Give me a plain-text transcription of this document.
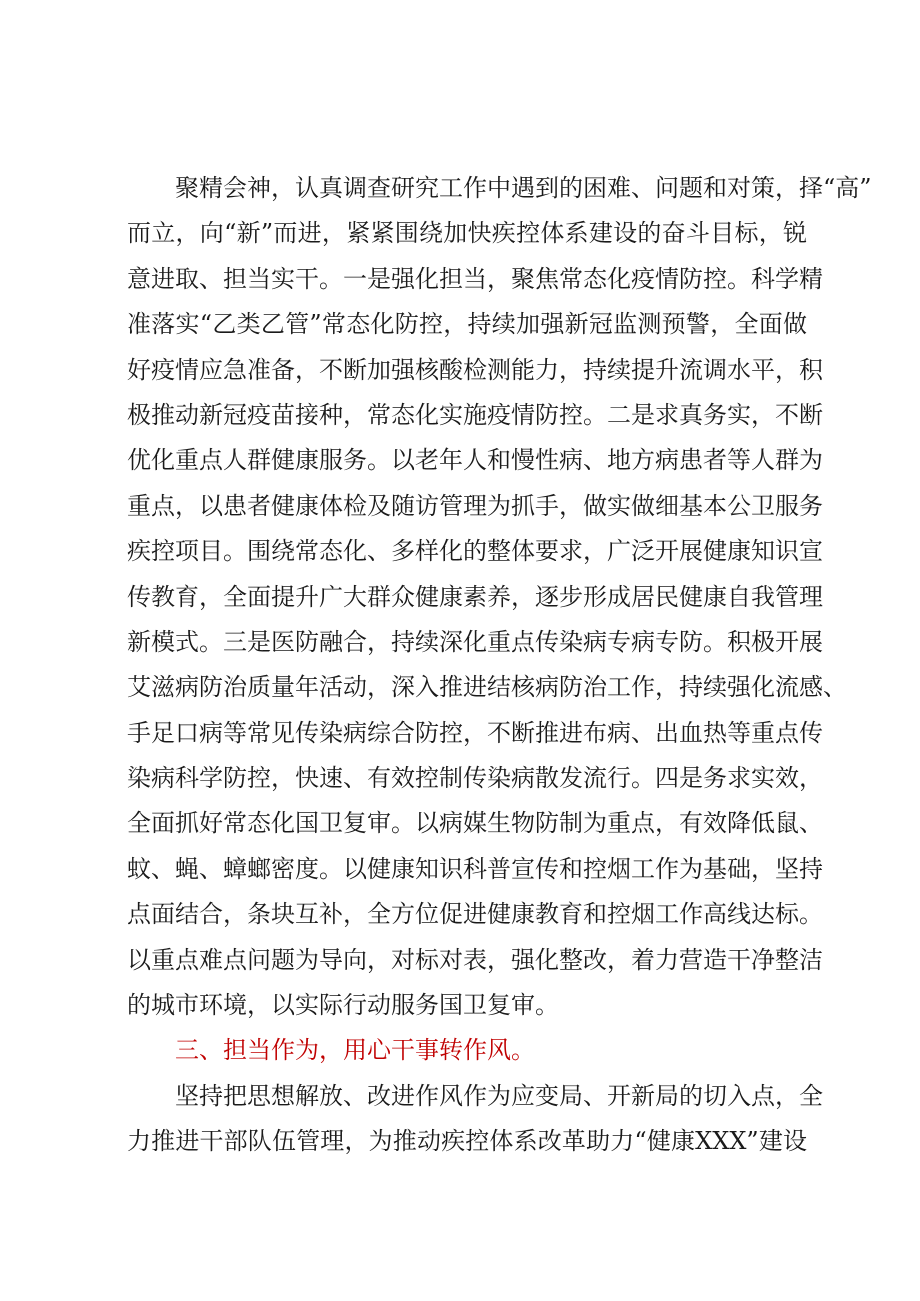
聚精会神，认真调查研究工作中遇到的困难、问题和对策，择“高”
而立，向“新”而进，紧紧围绕加快疾控体系建设的奋斗目标，锐
意进取、担当实干。一是强化担当，聚焦常态化疫情防控。科学精
准落实“乙类乙管”常态化防控，持续加强新冠监测预警，全面做
好疫情应急准备，不断加强核酸检测能力，持续提升流调水平，积
极推动新冠疫苗接种，常态化实施疫情防控。二是求真务实，不断
优化重点人群健康服务。以老年人和慢性病、地方病患者等人群为
重点，以患者健康体检及随访管理为抓手，做实做细基本公卫服务
疾控项目。围绕常态化、多样化的整体要求，广泛开展健康知识宣
传教育，全面提升广大群众健康素养，逐步形成居民健康自我管理
新模式。三是医防融合，持续深化重点传染病专病专防。积极开展
艾滋病防治质量年活动，深入推进结核病防治工作，持续强化流感、
手足口病等常见传染病综合防控，不断推进布病、出血热等重点传
染病科学防控，快速、有效控制传染病散发流行。四是务求实效，
全面抓好常态化国卫复审。以病媒生物防制为重点，有效降低鼠、
蚊、蝇、蟑螂密度。以健康知识科普宣传和控烟工作为基础，坚持
点面结合，条块互补，全方位促进健康教育和控烟工作高线达标。
以重点难点问题为导向，对标对表，强化整改，着力营造干净整洁
的城市环境，以实际行动服务国卫复审。
三、担当作为，用心干事转作风。
坚持把思想解放、改进作风作为应变局、开新局的切入点，全
力推进干部队伍管理，为推动疾控体系改革助力“健康XXX”建设
